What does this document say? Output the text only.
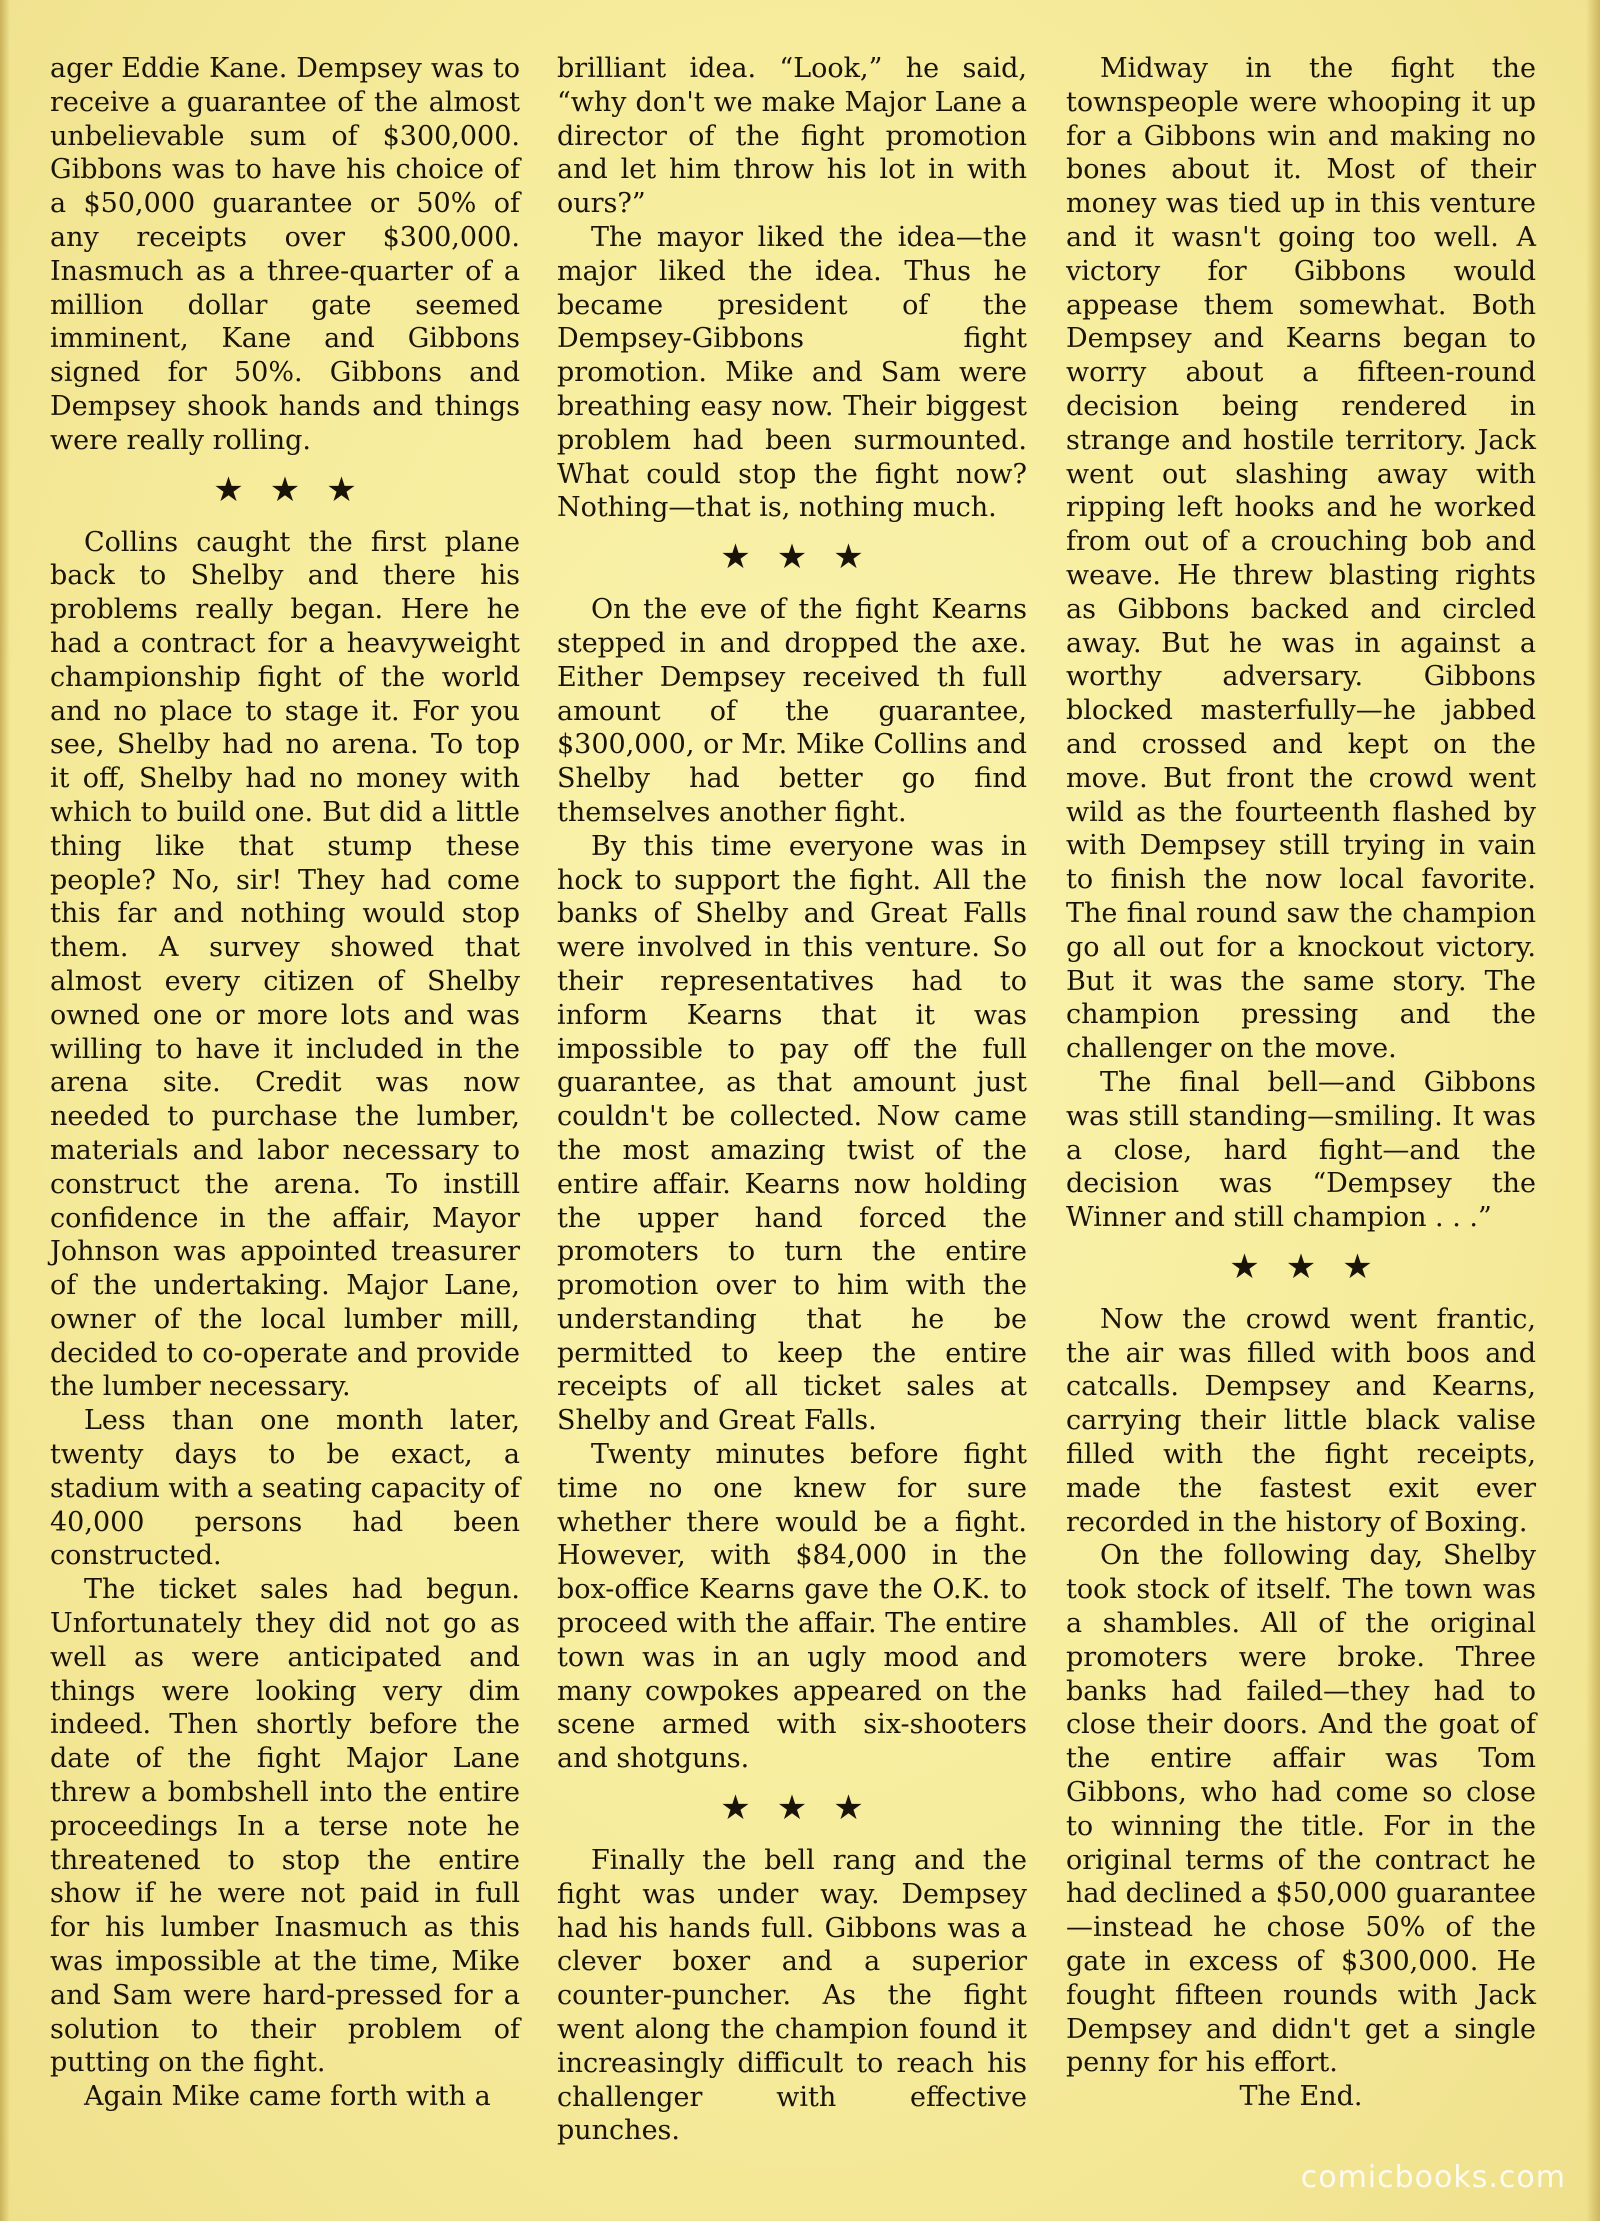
ager Eddie Kane. Dempsey was to receive a guarantee of the almost unbelievable sum of $300,000. Gibbons was to have his choice of a $50,000 guarantee or 50% of any receipts over $300,000. Inasmuch as a three-quarter of a million dollar gate seemed imminent, Kane and Gibbons signed for 50%. Gibbons and Dempsey shook hands and things were really rolling.

★★★

Collins caught the first plane back to Shelby and there his problems really began. Here he had a contract for a heavyweight championship fight of the world and no place to stage it. For you see, Shelby had no arena. To top it off, Shelby had no money with which to build one. But did a little thing like that stump these people? No, sir! They had come this far and nothing would stop them. A survey showed that almost every citizen of Shelby owned one or more lots and was willing to have it included in the arena site. Credit was now needed to purchase the lumber, materials and labor necessary to construct the arena. To instill confidence in the affair, Mayor Johnson was appointed treasurer of the undertaking. Major Lane, owner of the local lumber mill, decided to co-operate and provide the lumber necessary.

Less than one month later, twenty days to be exact, a stadium with a seating capacity of 40,000 persons had been constructed.

The ticket sales had begun. Unfortunately they did not go as well as were anticipated and things were looking very dim indeed. Then shortly before the date of the fight Major Lane threw a bombshell into the entire proceedings In a terse note he threatened to stop the entire show if he were not paid in full for his lumber Inasmuch as this was impossible at the time, Mike and Sam were hard-pressed for a solution to their problem of putting on the fight.

Again Mike came forth with a

brilliant idea. “Look,” he said, “why don't we make Major Lane a director of the fight promotion and let him throw his lot in with ours?”

The mayor liked the idea—the major liked the idea. Thus he became president of the Dempsey-Gibbons fight promotion. Mike and Sam were breathing easy now. Their biggest problem had been surmounted. What could stop the fight now? Nothing—that is, nothing much.

★★★

On the eve of the fight Kearns stepped in and dropped the axe. Either Dempsey received th full amount of the guarantee, $300,000, or Mr. Mike Collins and Shelby had better go find themselves another fight.

By this time everyone was in hock to support the fight. All the banks of Shelby and Great Falls were involved in this venture. So their representatives had to inform Kearns that it was impossible to pay off the full guarantee, as that amount just couldn't be collected. Now came the most amazing twist of the entire affair. Kearns now holding the upper hand forced the promoters to turn the entire promotion over to him with the understanding that he be permitted to keep the entire receipts of all ticket sales at Shelby and Great Falls.

Twenty minutes before fight time no one knew for sure whether there would be a fight. However, with $84,000 in the box-office Kearns gave the O.K. to proceed with the affair. The entire town was in an ugly mood and many cowpokes appeared on the scene armed with six-shooters and shotguns.

★★★

Finally the bell rang and the fight was under way. Dempsey had his hands full. Gibbons was a clever boxer and a superior counter-puncher. As the fight went along the champion found it increasingly difficult to reach his challenger with effective punches.

Midway in the fight the townspeople were whooping it up for a Gibbons win and making no bones about it. Most of their money was tied up in this venture and it wasn't going too well. A victory for Gibbons would appease them somewhat. Both Dempsey and Kearns began to worry about a fifteen-round decision being rendered in strange and hostile territory. Jack went out slashing away with ripping left hooks and he worked from out of a crouching bob and weave. He threw blasting rights as Gibbons backed and circled away. But he was in against a worthy adversary. Gibbons blocked masterfully—he jabbed and crossed and kept on the move. But front the crowd went wild as the fourteenth flashed by with Dempsey still trying in vain to finish the now local favorite. The final round saw the champion go all out for a knockout victory. But it was the same story. The champion pressing and the challenger on the move.

The final bell—and Gibbons was still standing—smiling. It was a close, hard fight—and the decision was “Dempsey the Winner and still champion . . .”

★★★

Now the crowd went frantic, the air was filled with boos and catcalls. Dempsey and Kearns, carrying their little black valise filled with the fight receipts, made the fastest exit ever recorded in the history of Boxing.

On the following day, Shelby took stock of itself. The town was a shambles. All of the original promoters were broke. Three banks had failed—they had to close their doors. And the goat of the entire affair was Tom Gibbons, who had come so close to winning the title. For in the original terms of the contract he had declined a $50,000 guarantee—instead he chose 50% of the gate in excess of $300,000. He fought fifteen rounds with Jack Dempsey and didn't get a single penny for his effort.

The End.

comicbooks.com
